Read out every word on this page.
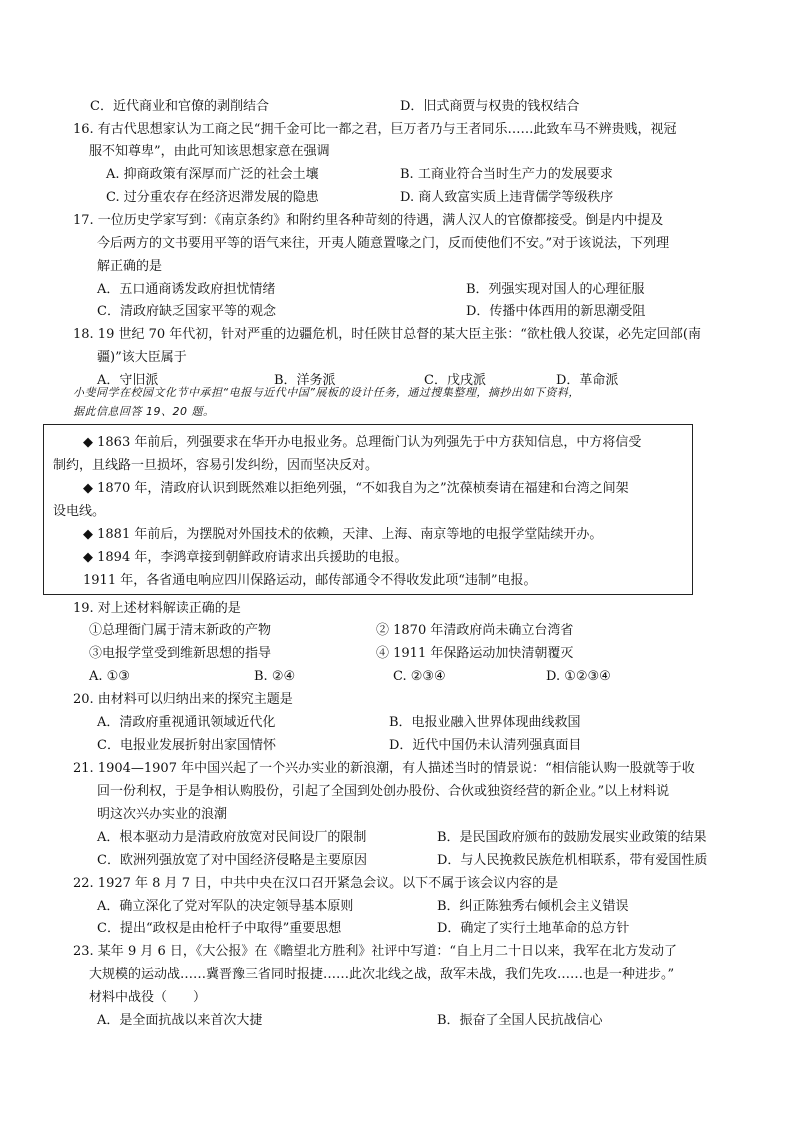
C．近代商业和官僚的剥削结合	D．旧式商贾与权贵的钱权结合
16. 有古代思想家认为工商之民“拥千金可比一都之君，巨万者乃与王者同乐……此致车马不辨贵贱，视冠
服不知尊卑”，由此可知该思想家意在强调
A. 抑商政策有深厚而广泛的社会土壤	B. 工商业符合当时生产力的发展要求
C. 过分重农存在经济迟滞发展的隐患	D. 商人致富实质上违背儒学等级秩序
17. 一位历史学家写到：《南京条约》和附约里各种苛刻的待遇，满人汉人的官僚都接受。倒是内中提及
今后两方的文书要用平等的语气来往，开夷人随意置喙之门，反而使他们不安。”对于该说法，下列理
解正确的是
A．五口通商诱发政府担忧情绪	B．列强实现对国人的心理征服
C．清政府缺乏国家平等的观念	D．传播中体西用的新思潮受阻
18. 19 世纪 70 年代初，针对严重的边疆危机，时任陕甘总督的某大臣主张：“欲杜俄人狡谋，必先定回部(南
疆)”该大臣属于
A．守旧派	B．洋务派	C．戊戌派	D．革命派
小斐同学在校园文化节中承担“电报与近代中国”展板的设计任务，通过搜集整理，摘抄出如下资料，
据此信息回答 19、20 题。
◆ 1863 年前后，列强要求在华开办电报业务。总理衙门认为列强先于中方获知信息，中方将信受
制约，且线路一旦损坏，容易引发纠纷，因而坚决反对。
◆ 1870 年，清政府认识到既然难以拒绝列强，“不如我自为之”沈葆桢奏请在福建和台湾之间架
设电线。
◆ 1881 年前后，为摆脱对外国技术的依赖，天津、上海、南京等地的电报学堂陆续开办。
◆ 1894 年，李鸿章接到朝鲜政府请求出兵援助的电报。
1911 年，各省通电响应四川保路运动，邮传部通令不得收发此项“违制”电报。
19. 对上述材料解读正确的是
①总理衙门属于清末新政的产物	② 1870 年清政府尚未确立台湾省
③电报学堂受到维新思想的指导	④ 1911 年保路运动加快清朝覆灭
A. ①③	B. ②④	C. ②③④	D. ①②③④
20. 由材料可以归纳出来的探究主题是
A．清政府重视通讯领域近代化	B．电报业融入世界体现曲线救国
C．电报业发展折射出家国情怀	D．近代中国仍未认清列强真面目
21. 1904—1907 年中国兴起了一个兴办实业的新浪潮，有人描述当时的情景说：“相信能认购一股就等于收
回一份利权，于是争相认购股份，引起了全国到处创办股份、合伙或独资经营的新企业。”以上材料说
明这次兴办实业的浪潮
A．根本驱动力是清政府放宽对民间设厂的限制	B．是民国政府颁布的鼓励发展实业政策的结果
C．欧洲列强放宽了对中国经济侵略是主要原因	D．与人民挽救民族危机相联系，带有爱国性质
22. 1927 年 8 月 7 日，中共中央在汉口召开紧急会议。以下不属于该会议内容的是
A．确立深化了党对军队的决定领导基本原则	B．纠正陈独秀右倾机会主义错误
C．提出“政权是由枪杆子中取得”重要思想	D．确定了实行土地革命的总方针
23. 某年 9 月 6 日，《大公报》在《瞻望北方胜利》社评中写道：“自上月二十日以来，我军在北方发动了
大规模的运动战……冀晋豫三省同时报捷……此次北线之战，敌军未战，我们先攻……也是一种进步。”
材料中战役（　　）
A．是全面抗战以来首次大捷	B．振奋了全国人民抗战信心
